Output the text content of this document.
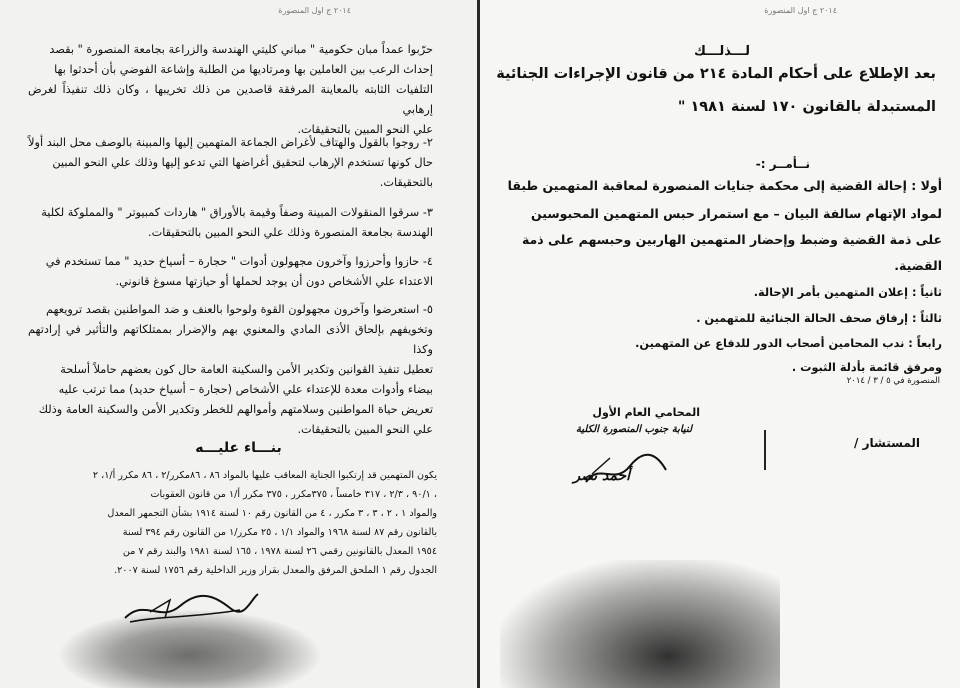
٢٠١٤ ج اول المنصورة
حرّبوا عمداً مبان حكومية " مباني كليتي الهندسة والزراعة بجامعة المنصورة " بقصد
إحداث الرعب بين العاملين بها ومرتاديها من الطلبة وإشاعة الفوضي بأن أحدثوا بها
التلفيات الثابته بالمعاينة المرفقة قاصدين من ذلك تخريبها ، وكان ذلك تنفيذاً لغرض إرهابي
علي النحو المبين بالتحقيقات.
٢- روجوا بالقول والهتاف لأغراض الجماعة المتهمين إليها والمبينة بالوصف محل البند أولاً
حال كونها تستخدم الإرهاب لتحقيق أغراضها التي تدعو إليها وذلك علي النحو المبين
بالتحقيقات.
٣- سرقوا المنقولات المبينة وصفاً وقيمة بالأوراق " هاردات كمبيوتر " والمملوكة لكلية
الهندسة بجامعة المنصورة وذلك علي النحو المبين بالتحقيقات.
٤- حازوا وأحرزوا وآخرون مجهولون أدوات " حجارة – أسياخ حديد " مما تستخدم في
الاعتداء علي الأشخاص دون أن يوجد لحملها أو حيازتها مسوغ قانوني.
٥- استعرضوا وآخرون مجهولون القوة ولوحوا بالعنف و ضد المواطنين بقصد ترويعهم
وتخويفهم بإلحاق الأذى المادي والمعنوي بهم والإضرار بممتلكاتهم والتأثير في إرادتهم وكذا
تعطيل تنفيذ القوانين وتكدير الأمن والسكينة العامة حال كون بعضهم حاملاً أسلحة
بيضاء وأدوات معدة للإعتداء علي الأشخاص (حجارة – أسياخ حديد) مما ترتب عليه
تعريض حياة المواطنين وسلامتهم وأموالهم للخطر وتكدير الأمن والسكينة العامة وذلك
علي النحو المبين بالتحقيقات.
بنـــاء عليـــه
يكون المتهمين قد إرتكبوا الجناية المعاقب عليها بالمواد ٨٦ ، ٨٦مكرر/٢ ، ٨٦ مكرر أ/١، ٢
، ٩٠/١ ، ٢/٣ ، ٣١٧ خامساً ، ٣٧٥مكرر ، ٣٧٥ مكرر أ/١ من قانون العقوبات
والمواد ١ ، ٢ ، ٣ ، ٣ مكرر ، ٤ من القانون رقم ١٠ لسنة ١٩١٤ بشأن التجمهر المعدل
بالقانون رقم ٨٧ لسنة ١٩٦٨ والمواد ١/١ ، ٢٥ مكرر/١ من القانون رقم ٣٩٤ لسنة
١٩٥٤ المعدل بالقانونين رقمي ٢٦ لسنة ١٩٧٨ ، ١٦٥ لسنة ١٩٨١ والبند رقم ٧ من
الجدول رقم ١ الملحق المرفق والمعدل بقرار وزير الداخلية رقم ١٧٥٦ لسنة ٢٠٠٧.
٢٠١٤ ج اول المنصورة
لـــذلـــك
بعد الإطلاع على أحكام المادة ٢١٤ من قانون الإجراءات الجنائية
المستبدلة بالقانون ١٧٠ لسنة ١٩٨١ "
نــأمــر :-
أولا : إحالة القضية إلى محكمة جنايات المنصورة لمعاقبة المتهمين طبقا
لمواد الإتهام سالفة البيان – مع استمرار حبس المتهمين المحبوسين
على ذمة القضية وضبط وإحضار المتهمين الهاربين وحبسهم على ذمة
القضية.
ثانياً : إعلان المتهمين بأمر الإحالة.
ثالثاً : إرفاق صحف الحالة الجنائية للمتهمين .
رابعاً : ندب المحامين أصحاب الدور للدفاع عن المتهمين.
ومرفق قائمة بأدلة الثبوت .
المنصورة في ٥ / ٣ / ٢٠١٤
المحامي العام الأول
لنيابة جنوب المنصورة الكلية
المستشار /
أحمد نصر
